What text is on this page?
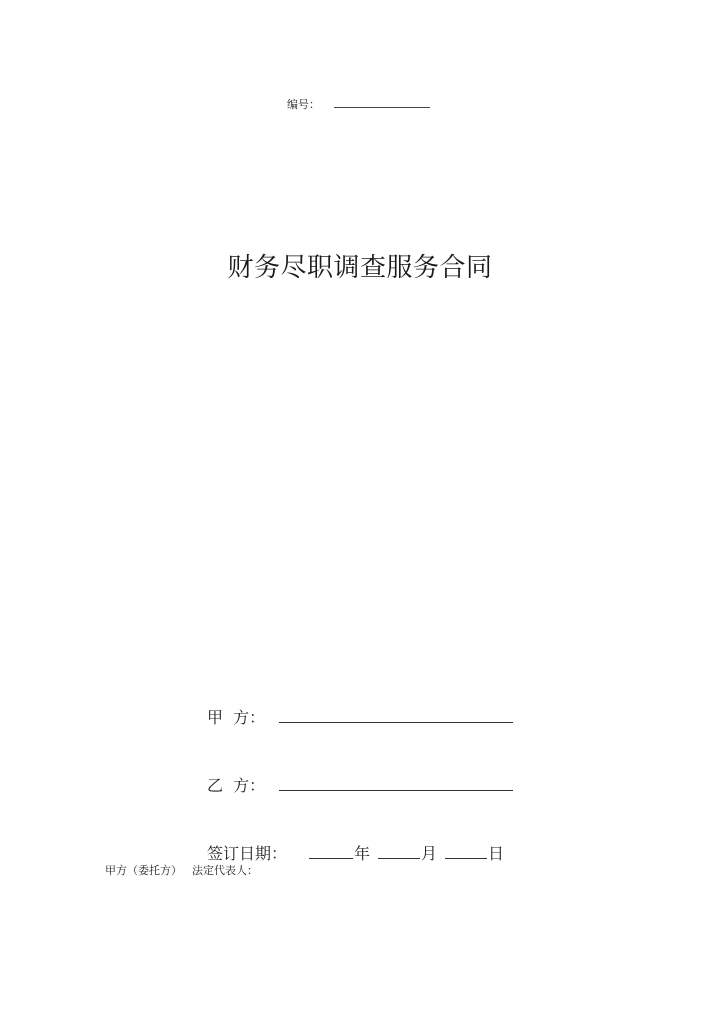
编号：
财务尽职调查服务合同
甲  方：
乙  方：
签订日期：	年	月	日
甲方（委托方） 法定代表人：
